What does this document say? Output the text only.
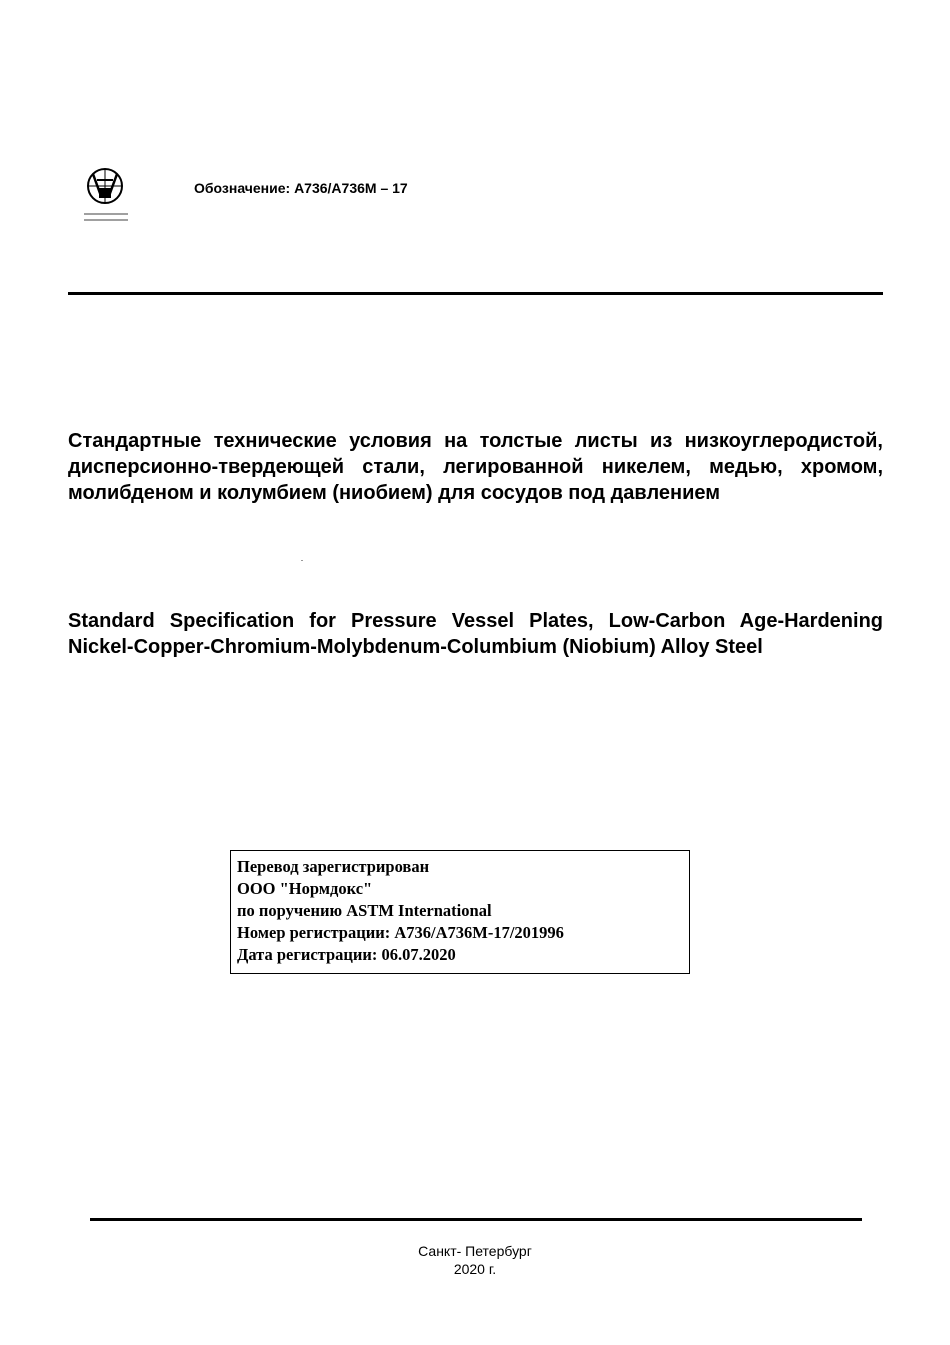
Обозначение: A736/A736M – 17

Стандартные технические условия на толстые листы из низкоуглеродистой, дисперсионно-твердеющей стали, легированной никелем, медью, хромом, молибденом и колумбием (ниобием) для сосудов под давлением

Standard Specification for Pressure Vessel Plates, Low-Carbon Age-Hardening Nickel-Copper-Chromium-Molybdenum-Columbium (Niobium) Alloy Steel

Перевод зарегистрирован
ООО "Нормдокс"
по поручению ASTM International
Номер регистрации: A736/A736M-17/201996
Дата регистрации: 06.07.2020
Санкт- Петербург
2020 г.
